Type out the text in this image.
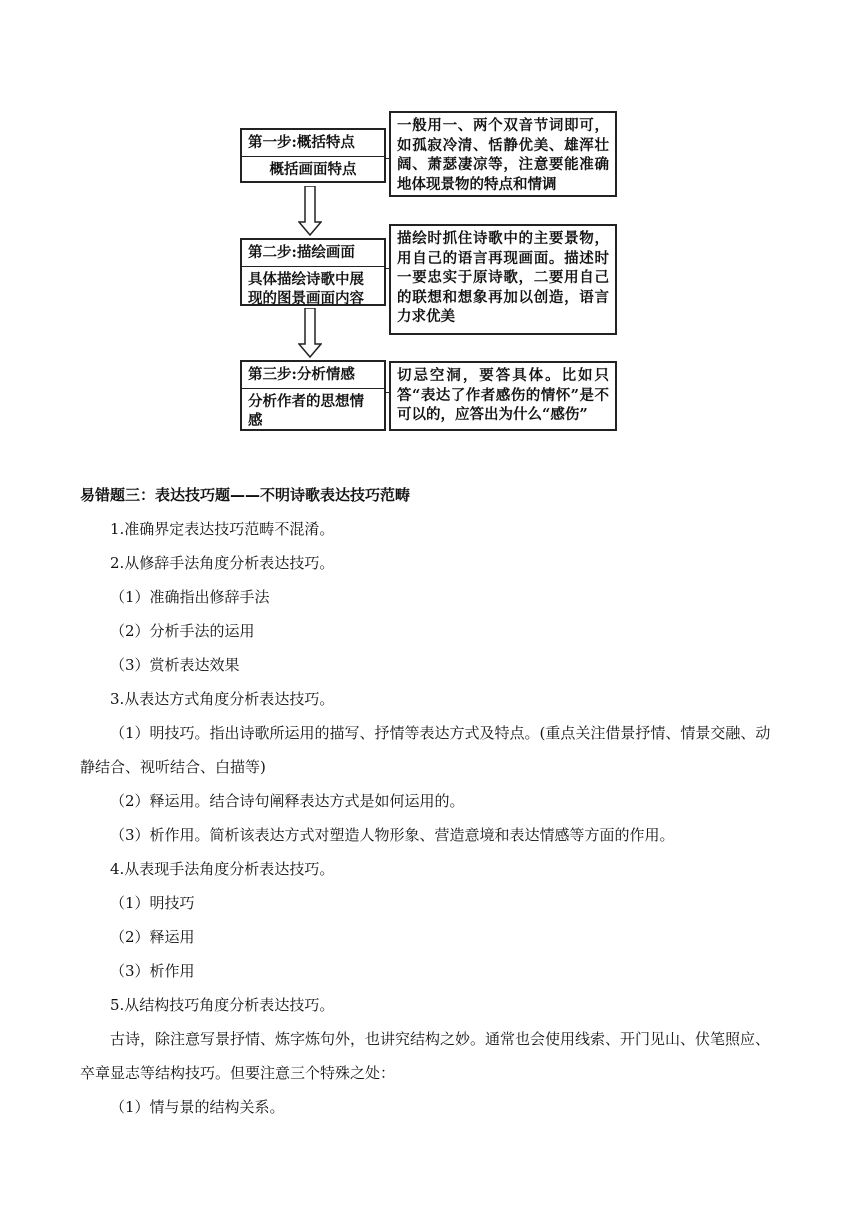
第一步:概括特点
概括画面特点
一般用一、两个双音节词即可，如孤寂冷清、恬静优美、雄浑壮阔、萧瑟凄凉等，注意要能准确地体现景物的特点和情调
第二步:描绘画面
具体描绘诗歌中展现的图景画面内容
描绘时抓住诗歌中的主要景物，用自己的语言再现画面。描述时一要忠实于原诗歌，二要用自己的联想和想象再加以创造，语言力求优美
第三步:分析情感
分析作者的思想情感
切忌空洞，要答具体。比如只答“表达了作者感伤的情怀”是不可以的，应答出为什么“感伤”

易错题三：表达技巧题——不明诗歌表达技巧范畴

1.准确界定表达技巧范畴不混淆。

2.从修辞手法角度分析表达技巧。

（1）准确指出修辞手法

（2）分析手法的运用

（3）赏析表达效果

3.从表达方式角度分析表达技巧。

（1）明技巧。指出诗歌所运用的描写、抒情等表达方式及特点。(重点关注借景抒情、情景交融、动静结合、视听结合、白描等)

（2）释运用。结合诗句阐释表达方式是如何运用的。

（3）析作用。简析该表达方式对塑造人物形象、营造意境和表达情感等方面的作用。

4.从表现手法角度分析表达技巧。

（1）明技巧

（2）释运用

（3）析作用

5.从结构技巧角度分析表达技巧。

古诗，除注意写景抒情、炼字炼句外，也讲究结构之妙。通常也会使用线索、开门见山、伏笔照应、卒章显志等结构技巧。但要注意三个特殊之处：

（1）情与景的结构关系。
